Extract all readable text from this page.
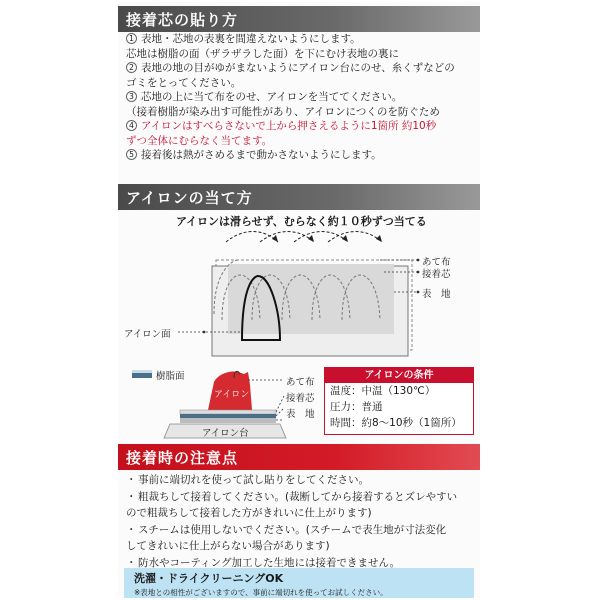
接着芯の貼り方
1 表地・芯地の表裏を間違えないようにします。
芯地は樹脂の面（ザラザラした面）を下にむけ表地の裏に
2 表地の地の目がゆがまないようにアイロン台にのせ、糸くずなどの
ゴミをとってください。
3 芯地の上に当て布をのせ、アイロンを当ててください。
（接着樹脂が染み出す可能性があり、アイロンにつくのを防ぐため
4 アイロンはすべらさないで上から押さえるように1箇所 約10秒
ずつ全体にむらなく当てます。
5 接着後は熱がさめるまで動かさないようにします。
アイロンの当て方
アイロンは滑らせず、むらなく約１０秒ずつ当てる
あて布
接着芯
表　地
アイロン面
樹脂面
アイロン
あて布
接着芯
表　地
アイロン台
アイロンの条件
温度：中温（130℃）
圧力：普通
時間：約8～10秒（1箇所）
接着時の注意点
・ 事前に端切れを使って試し貼りをしてください。
・ 粗裁ちして接着してください。(裁断してから接着するとズレやすい
ので粗裁ちして接着した方がきれいに仕上がります)
・ スチームは使用しないでください。(スチームで表生地が寸法変化
してきれいに仕上がらない場合があります)
・ 防水やコーティング加工した生地には接着できません。
洗濯・ドライクリーニングOK
※表地との相性がございますので、事前に端切れを使ってお試しください。
